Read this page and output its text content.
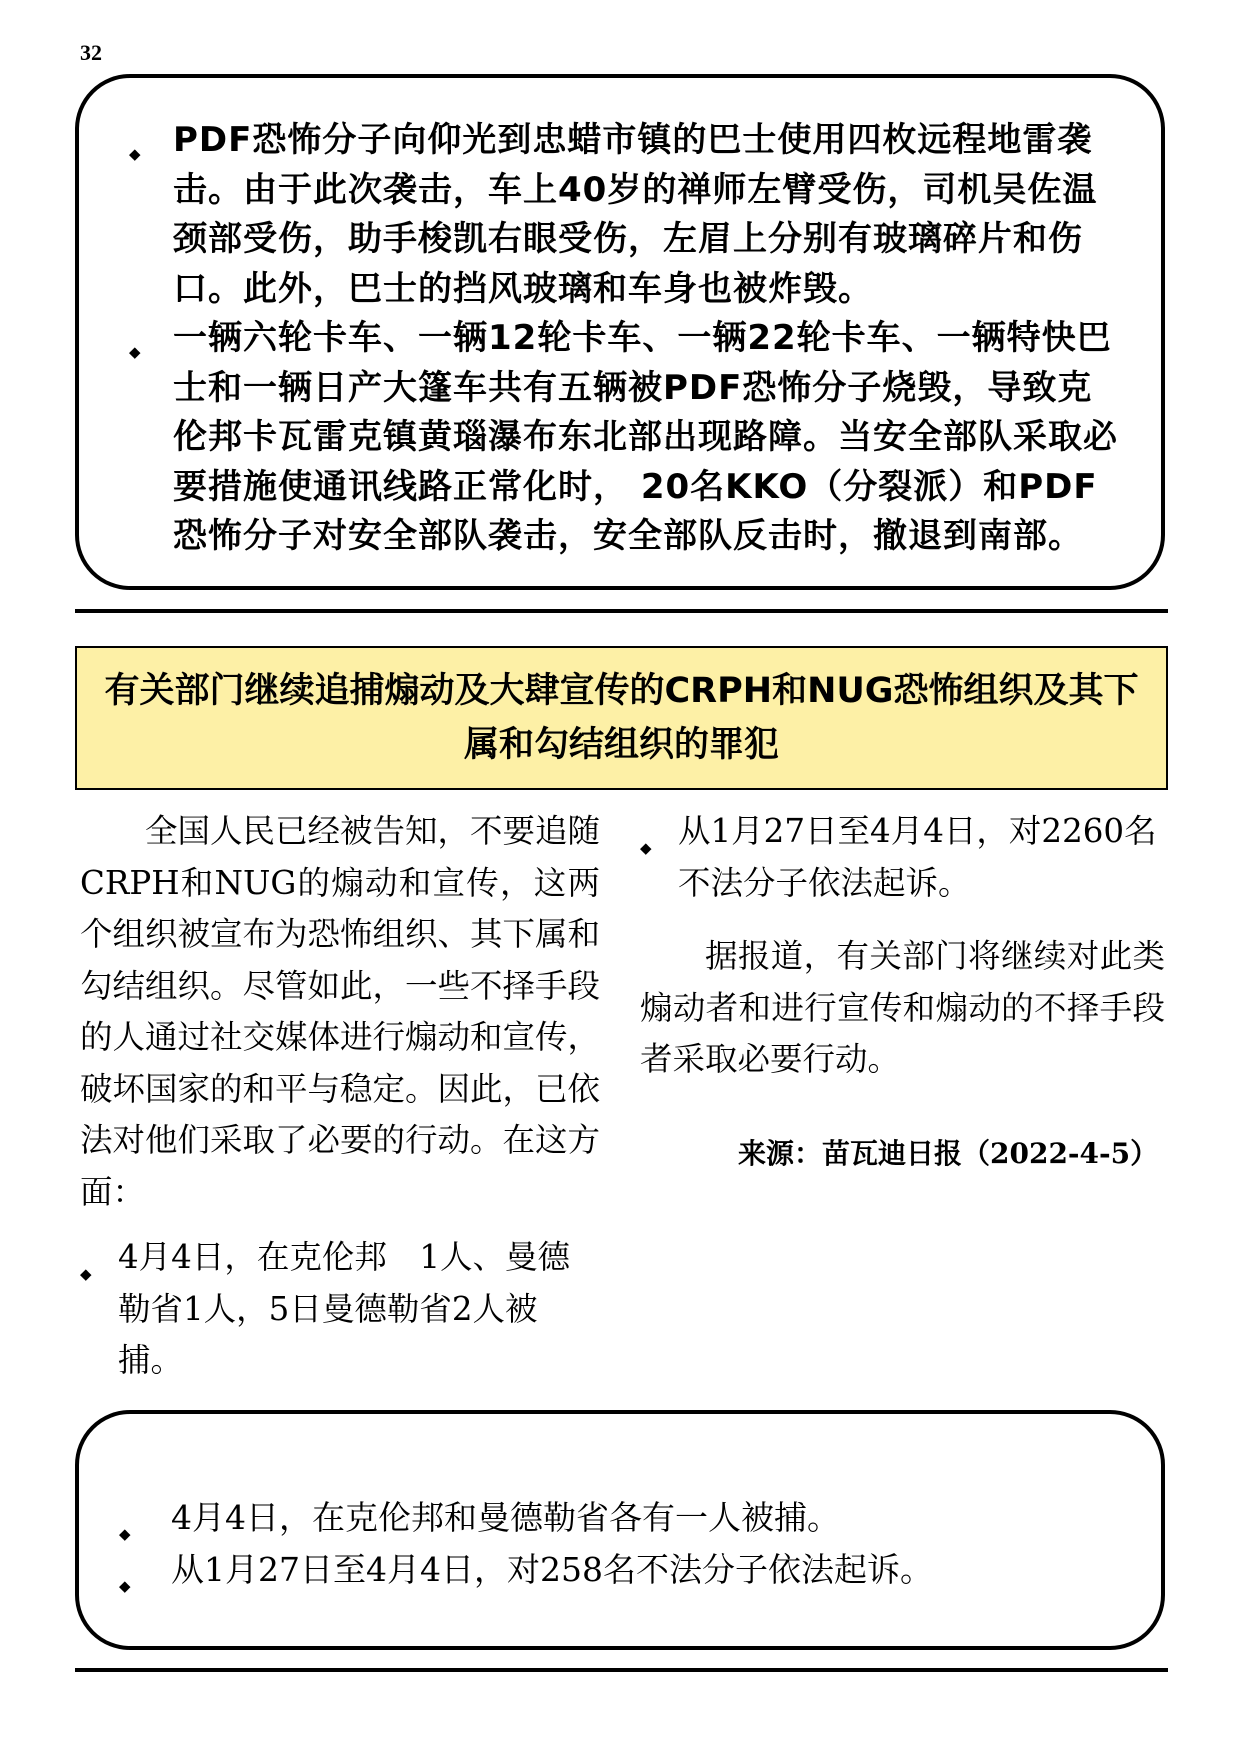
32
◆ PDF恐怖分子向仰光到忠蜡市镇的巴士使用四枚远程地雷袭击。由于此次袭击，车上40岁的禅师左臂受伤，司机吴佐温颈部受伤，助手梭凯右眼受伤，左眉上分别有玻璃碎片和伤口。此外，巴士的挡风玻璃和车身也被炸毁。
◆ 一辆六轮卡车、一辆12轮卡车、一辆22轮卡车、一辆特快巴士和一辆日产大篷车共有五辆被PDF恐怖分子烧毁，导致克伦邦卡瓦雷克镇黄瑙瀑布东北部出现路障。当安全部队采取必要措施使通讯线路正常化时， 20名KKO（分裂派）和PDF恐怖分子对安全部队袭击，安全部队反击时，撤退到南部。
有关部门继续追捕煽动及大肆宣传的CRPH和NUG恐怖组织及其下属和勾结组织的罪犯

全国人民已经被告知，不要追随CRPH和NUG的煽动和宣传，这两个组织被宣布为恐怖组织、其下属和勾结组织。尽管如此，一些不择手段的人通过社交媒体进行煽动和宣传，破坏国家的和平与稳定。因此，已依法对他们采取了必要的行动。在这方面：

◆ 4月4日，在克伦邦　1人、曼德勒省1人，5日曼德勒省2人被捕。
◆ 从1月27日至4月4日，对2260名不法分子依法起诉。

据报道，有关部门将继续对此类煽动者和进行宣传和煽动的不择手段者采取必要行动。

来源：苗瓦迪日报（2022-4-5）
◆ 4月4日，在克伦邦和曼德勒省各有一人被捕。
◆ 从1月27日至4月4日，对258名不法分子依法起诉。
